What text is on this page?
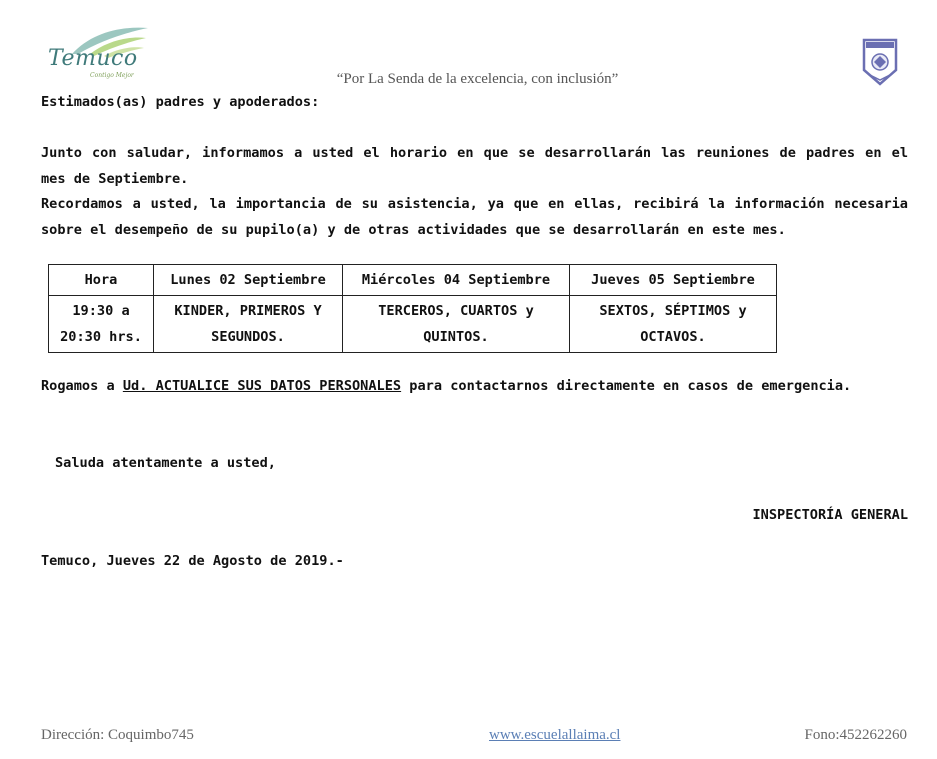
Temuco
Contigo Mejor	“Por La Senda de la excelencia, con inclusión”
Estimados(as) padres y apoderados:
Junto con saludar, informamos a usted el horario en que se desarrollarán las reuniones de padres en el mes de Septiembre.
Recordamos a usted, la importancia de su asistencia, ya que en ellas, recibirá la información necesaria sobre el desempeño de su pupilo(a) y de otras actividades que se desarrollarán en este mes.
Hora	Lunes 02 Septiembre	Miércoles 04 Septiembre	Jueves 05 Septiembre
19:30 a 20:30 hrs.	KINDER, PRIMEROS Y SEGUNDOS.	TERCEROS, CUARTOS y QUINTOS.	SEXTOS, SÉPTIMOS y OCTAVOS.
Rogamos a Ud. ACTUALICE SUS DATOS PERSONALES para contactarnos directamente en casos de emergencia.
Saluda atentamente a usted,
INSPECTORÍA GENERAL
Temuco, Jueves 22 de Agosto de 2019.-
Dirección: Coquimbo745	www.escuelallaima.cl	Fono:452262260
